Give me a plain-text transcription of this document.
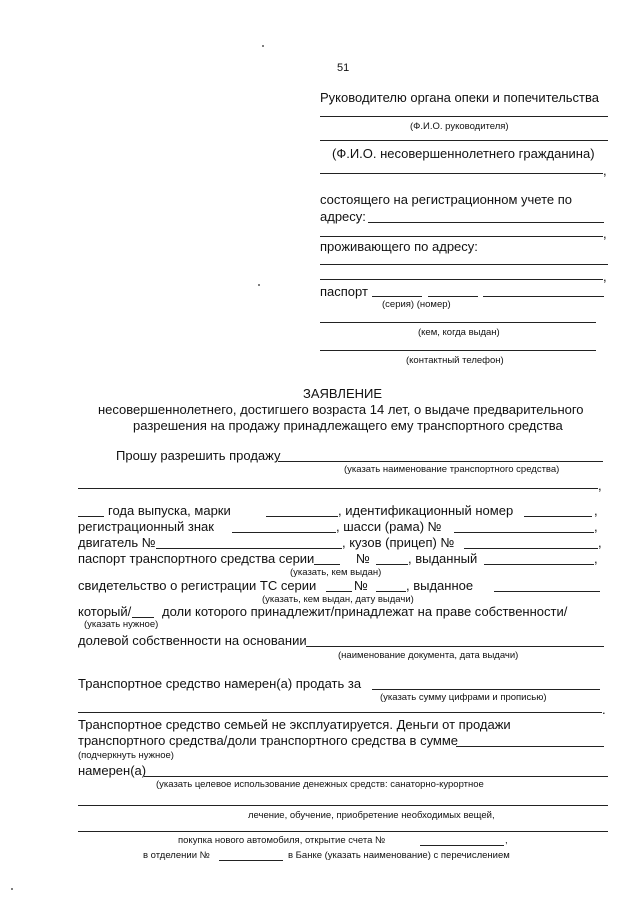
51
Руководителю органа опеки и попечительства
(Ф.И.О. руководителя)
(Ф.И.О. несовершеннолетнего гражданина)
,
состоящего на регистрационном учете по
адресу:
,
проживающего по адресу:
,
паспорт
(серия) (номер)
(кем, когда выдан)
(контактный телефон)
ЗАЯВЛЕНИЕ
несовершеннолетнего, достигшего возраста 14 лет, о выдаче предварительного
разрешения на продажу принадлежащего ему транспортного средства
Прошу разрешить продажу
(указать наименование транспортного средства)
,
года выпуска, марки	, идентификационный номер	,
регистрационный знак	, шасси (рама) №	,
двигатель №	, кузов (прицеп) №	,
паспорт транспортного средства серии	№	, выданный	,
(указать, кем выдан)
свидетельство о регистрации ТС серии	№	, выданное
(указать, кем выдан, дату выдачи)
который/ доли которого принадлежит/принадлежат на праве собственности/
(указать нужное)
долевой собственности на основании
(наименование документа, дата выдачи)
Транспортное средство намерен(а) продать за
(указать сумму цифрами и прописью)
.
Транспортное средство семьей не эксплуатируется. Деньги от продажи
транспортного средства/доли транспортного средства в сумме
(подчеркнуть нужное)
намерен(а)
(указать целевое использование денежных средств: санаторно-курортное
лечение, обучение, приобретение необходимых вещей,
покупка нового автомобиля, открытие счета №	,
в отделении №	в Банке (указать наименование) с перечислением
